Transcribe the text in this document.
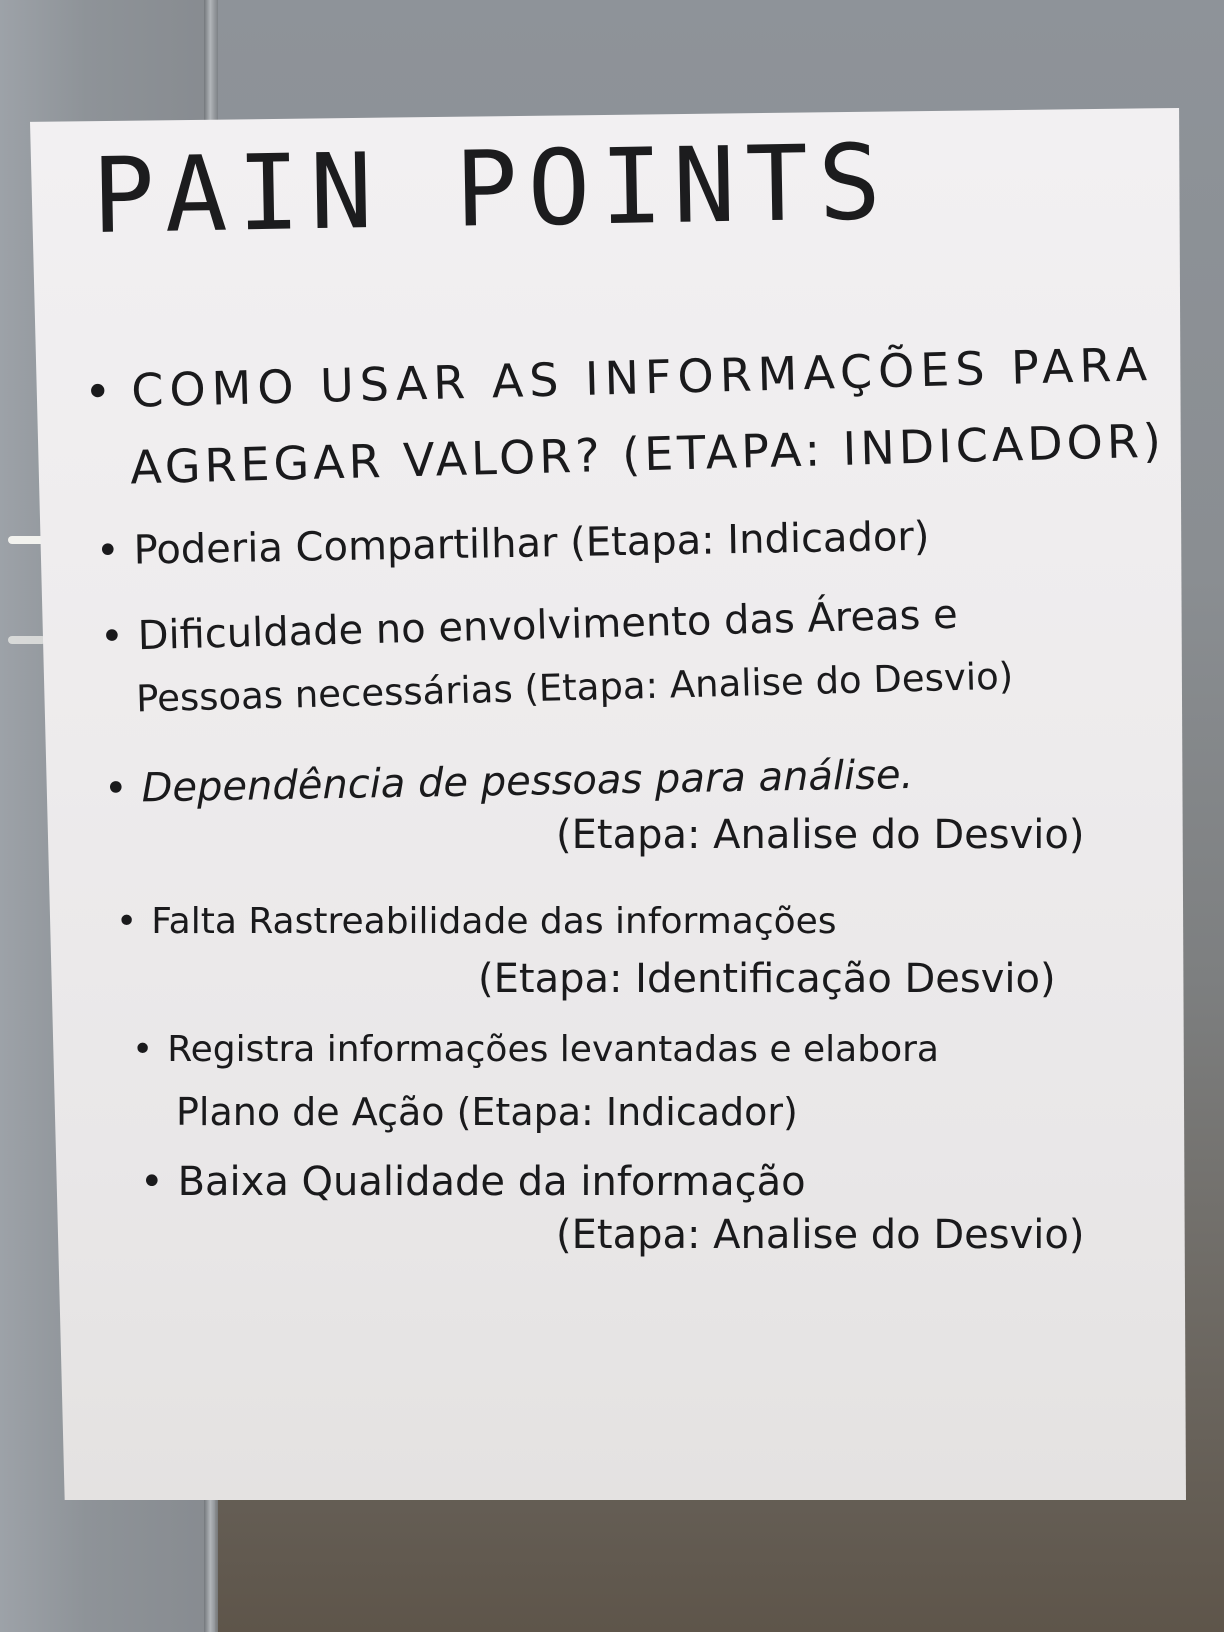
PAIN POINTS
• COMO USAR AS INFORMAÇÕES PARA
AGREGAR VALOR? (ETAPA: INDICADOR)
• Poderia Compartilhar (Etapa: Indicador)
• Dificuldade no envolvimento das Áreas e
Pessoas necessárias (Etapa: Analise do Desvio)
• Dependência de pessoas para análise.
(Etapa: Analise do Desvio)
• Falta Rastreabilidade das informações
(Etapa: Identificação Desvio)
• Registra informações levantadas e elabora
Plano de Ação (Etapa: Indicador)
• Baixa Qualidade da informação
(Etapa: Analise do Desvio)
